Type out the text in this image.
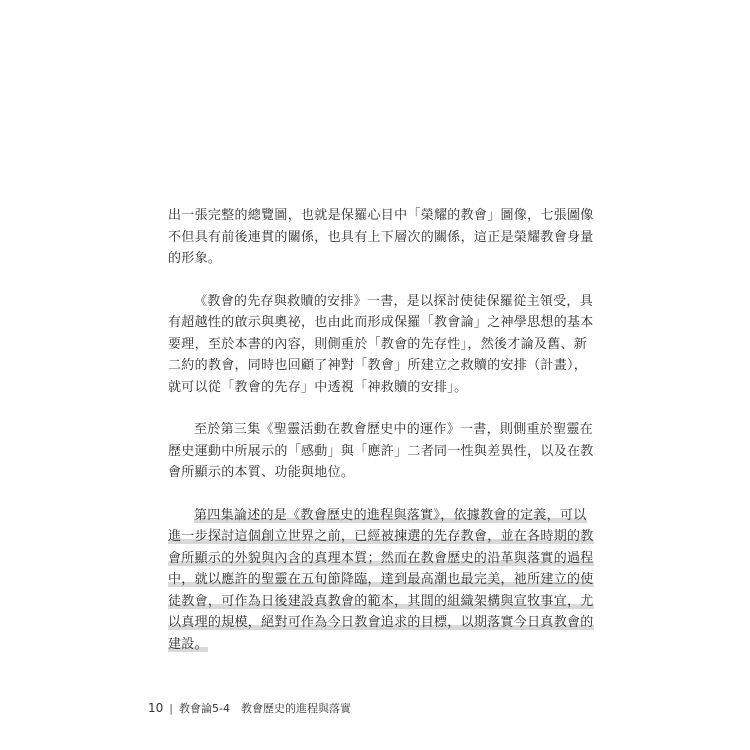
出一張完整的總覽圖，也就是保羅心目中「榮耀的教會」圖像，七張圖像
不但具有前後連貫的關係，也具有上下層次的關係，這正是榮耀教會身量
的形象。
《教會的先存與救贖的安排》一書，是以探討使徒保羅從主領受，具
有超越性的啟示與奧祕，也由此而形成保羅「教會論」之神學思想的基本
要理，至於本書的內容，則側重於「教會的先存性」，然後才論及舊、新
二約的教會，同時也回顧了神對「教會」所建立之救贖的安排（計畫），
就可以從「教會的先存」中透視「神救贖的安排」。
至於第三集《聖靈活動在教會歷史中的運作》一書，則側重於聖靈在
歷史運動中所展示的「感動」與「應許」二者同一性與差異性，以及在教
會所顯示的本質、功能與地位。
第四集論述的是《教會歷史的進程與落實》，依據教會的定義，可以
進一步探討這個創立世界之前，已經被揀選的先存教會，並在各時期的教
會所顯示的外貌與內含的真理本質；然而在教會歷史的沿革與落實的過程
中，就以應許的聖靈在五旬節降臨，達到最高潮也最完美，祂所建立的使
徒教會，可作為日後建設真教會的範本，其間的組織架構與宣牧事宜，尤
以真理的規模，絕對可作為今日教會追求的目標，以期落實今日真教會的
建設。
10 | 教會論5-4　教會歷史的進程與落實
